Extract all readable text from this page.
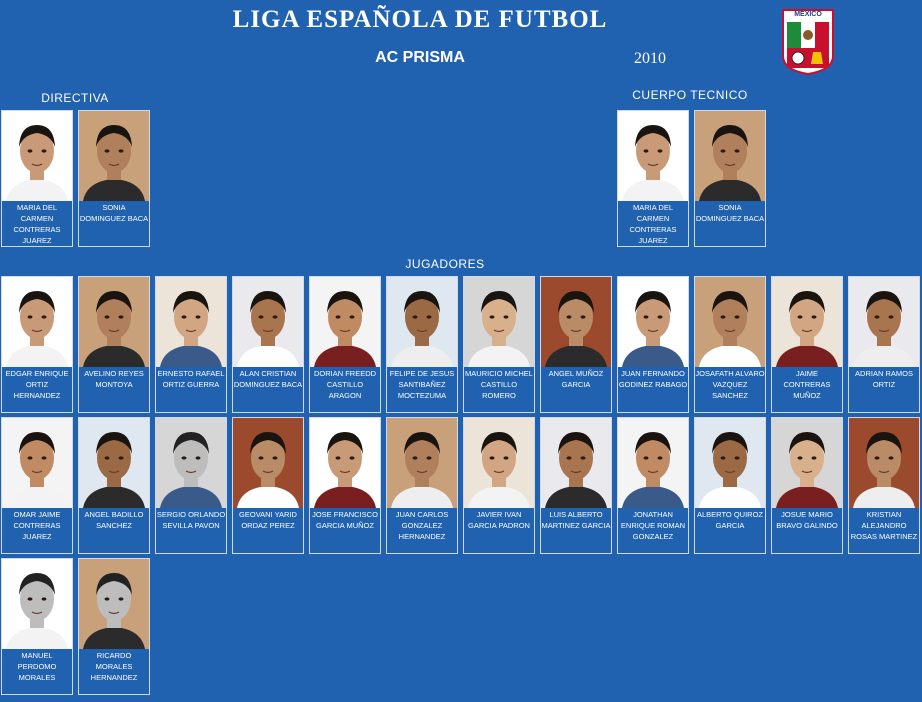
LIGA ESPAÑOLA DE FUTBOL
AC PRISMA	2010
MEXICO
DIRECTIVA	CUERPO TECNICO
JUGADORES
MARIA DEL CARMEN CONTRERAS JUAREZ
SONIA DOMINGUEZ BACA
MARIA DEL CARMEN CONTRERAS JUAREZ
SONIA DOMINGUEZ BACA
EDGAR ENRIQUE ORTIZ HERNANDEZ
AVELINO REYES MONTOYA
ERNESTO RAFAEL ORTIZ GUERRA
ALAN CRISTIAN DOMINGUEZ BACA
DORIAN FREEDD CASTILLO ARAGON
FELIPE DE JESUS SANTIBAÑEZ MOCTEZUMA
MAURICIO MICHEL CASTILLO ROMERO
ANGEL MUÑOZ GARCIA
JUAN FERNANDO GODINEZ RABAGO
JOSAFATH ALVARO VAZQUEZ SANCHEZ
JAIME CONTRERAS MUÑOZ
ADRIAN RAMOS ORTIZ
OMAR JAIME CONTRERAS JUAREZ
ANGEL BADILLO SANCHEZ
SERGIO ORLANDO SEVILLA PAVON
GEOVANI YARID ORDAZ PEREZ
JOSE FRANCISCO GARCIA MUÑOZ
JUAN CARLOS GONZALEZ HERNANDEZ
JAVIER IVAN GARCIA PADRON
LUIS ALBERTO MARTINEZ GARCIA
JONATHAN ENRIQUE ROMAN GONZALEZ
ALBERTO QUIROZ GARCIA
JOSUE MARIO BRAVO GALINDO
KRISTIAN ALEJANDRO ROSAS MARTINEZ
MANUEL PERDOMO MORALES
RICARDO MORALES HERNANDEZ
